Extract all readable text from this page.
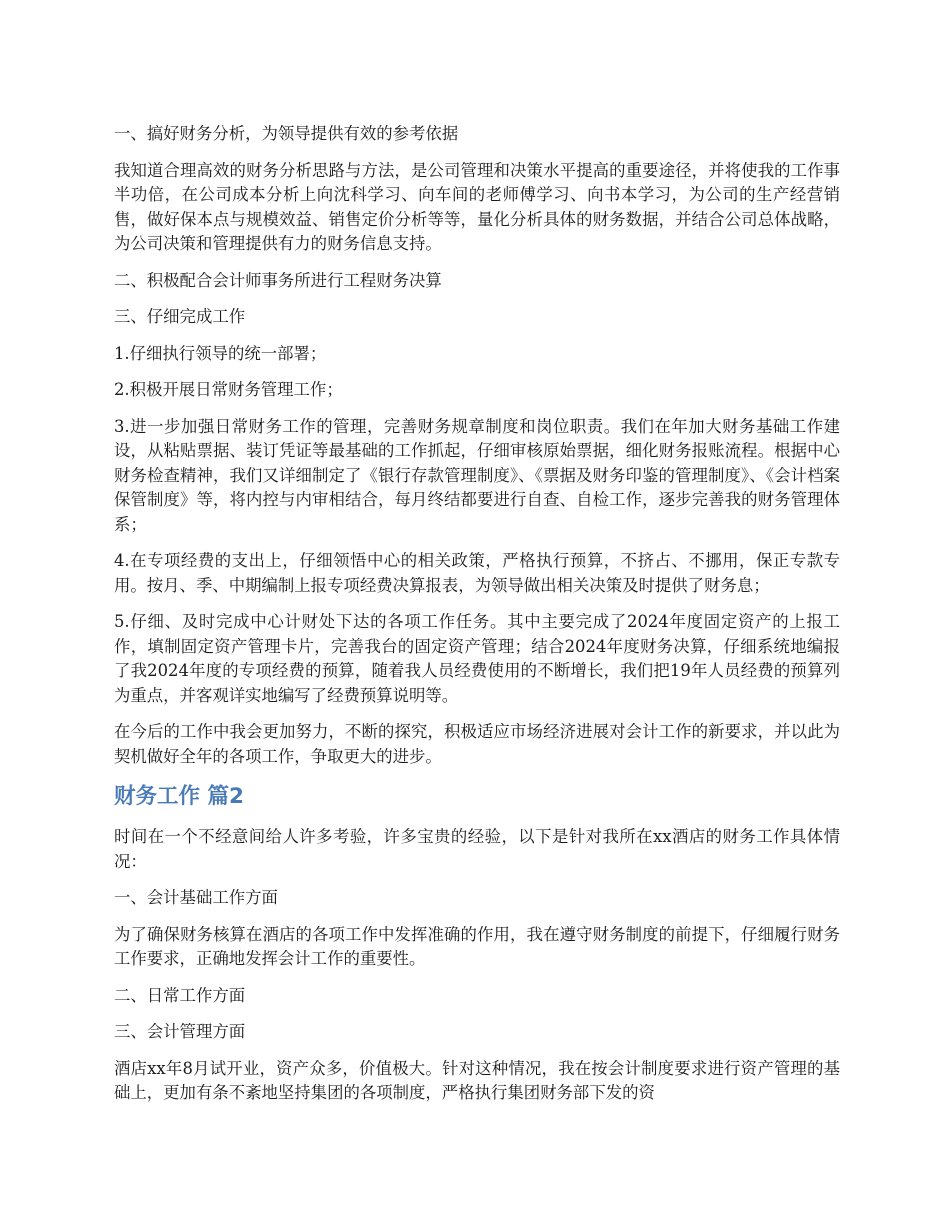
一、搞好财务分析，为领导提供有效的参考依据

我知道合理高效的财务分析思路与方法，是公司管理和决策水平提高的重要途径，并将使我的工作事半功倍，在公司成本分析上向沈科学习、向车间的老师傅学习、向书本学习，为公司的生产经营销售，做好保本点与规模效益、销售定价分析等等，量化分析具体的财务数据，并结合公司总体战略，为公司决策和管理提供有力的财务信息支持。

二、积极配合会计师事务所进行工程财务决算

三、仔细完成工作

1.仔细执行领导的统一部署；

2.积极开展日常财务管理工作；

3.进一步加强日常财务工作的管理，完善财务规章制度和岗位职责。我们在年加大财务基础工作建设，从粘贴票据、装订凭证等最基础的工作抓起，仔细审核原始票据，细化财务报账流程。根据中心财务检查精神，我们又详细制定了《银行存款管理制度》、《票据及财务印鉴的管理制度》、《会计档案保管制度》等，将内控与内审相结合，每月终结都要进行自查、自检工作，逐步完善我的财务管理体系；

4.在专项经费的支出上，仔细领悟中心的相关政策，严格执行预算，不挤占、不挪用，保正专款专用。按月、季、中期编制上报专项经费决算报表，为领导做出相关决策及时提供了财务息；

5.仔细、及时完成中心计财处下达的各项工作任务。其中主要完成了2024年度固定资产的上报工作，填制固定资产管理卡片，完善我台的固定资产管理；结合2024年度财务决算，仔细系统地编报了我2024年度的专项经费的预算，随着我人员经费使用的不断增长，我们把19年人员经费的预算列为重点，并客观详实地编写了经费预算说明等。

在今后的工作中我会更加努力，不断的探究，积极适应市场经济进展对会计工作的新要求，并以此为契机做好全年的各项工作，争取更大的进步。

财务工作 篇2

时间在一个不经意间给人许多考验，许多宝贵的经验，以下是针对我所在xx酒店的财务工作具体情况：

一、会计基础工作方面

为了确保财务核算在酒店的各项工作中发挥准确的作用，我在遵守财务制度的前提下，仔细履行财务工作要求，正确地发挥会计工作的重要性。

二、日常工作方面

三、会计管理方面

酒店xx年8月试开业，资产众多，价值极大。针对这种情况，我在按会计制度要求进行资产管理的基础上，更加有条不紊地坚持集团的各项制度，严格执行集团财务部下发的资
